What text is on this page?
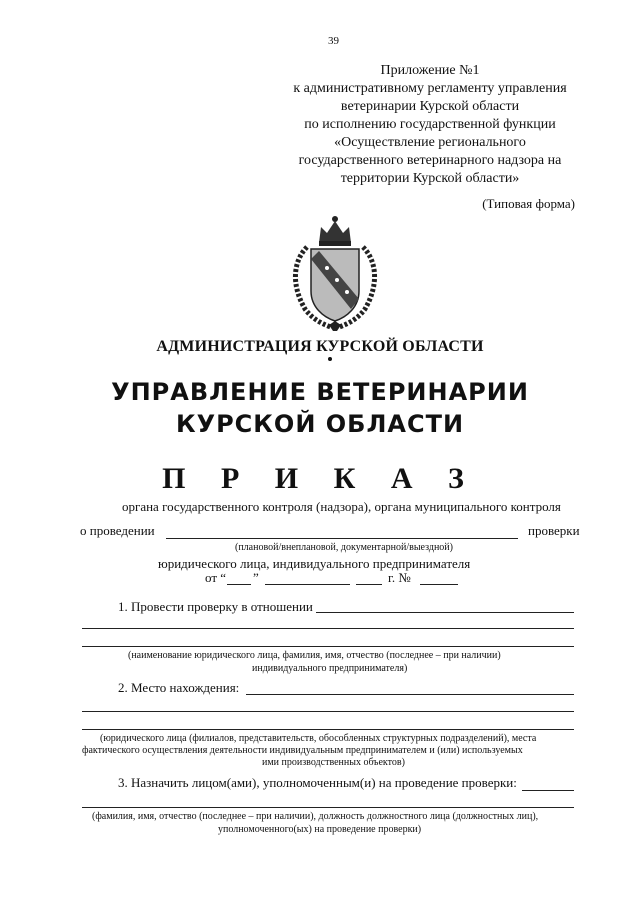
39
Приложение №1
к административному регламенту управления
ветеринарии Курской области
по исполнению государственной функции
«Осуществление регионального
государственного ветеринарного надзора на
территории Курской области»
(Типовая форма)
АДМИНИСТРАЦИЯ КУРСКОЙ ОБЛАСТИ
УПРАВЛЕНИЕ ВЕТЕРИНАРИИ
КУРСКОЙ ОБЛАСТИ
П Р И К А З
органа государственного контроля (надзора), органа муниципального контроля
о проведении	проверки
(плановой/внеплановой, документарной/выездной)
юридического лица, индивидуального предпринимателя
от “ ”	г. №
1. Провести проверку в отношении
(наименование юридического лица, фамилия, имя, отчество (последнее – при наличии)
индивидуального предпринимателя)
2. Место нахождения:
(юридического лица (филиалов, представительств, обособленных структурных подразделений), места
фактического осуществления деятельности индивидуальным предпринимателем и (или) используемых
ими производственных объектов)
3. Назначить лицом(ами), уполномоченным(и) на проведение проверки:
(фамилия, имя, отчество (последнее – при наличии), должность должностного лица (должностных лиц),
уполномоченного(ых) на проведение проверки)
